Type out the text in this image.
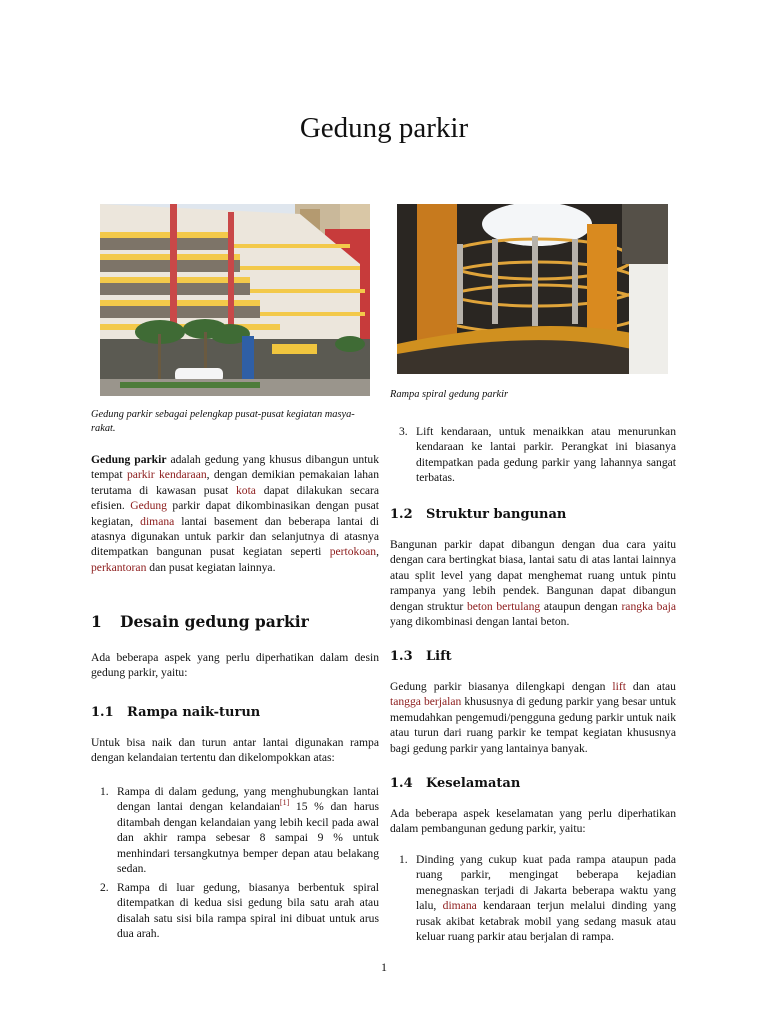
Gedung parkir
Gedung parkir sebagai pelengkap pusat-pusat kegiatan masya-rakat.
Rampa spiral gedung parkir

Gedung parkir adalah gedung yang khusus dibangun untuk tempat parkir kendaraan, dengan demikian pemakaian lahan terutama di kawasan pusat kota dapat dilakukan secara efisien. Gedung parkir dapat dikombinasikan dengan pusat kegiatan, dimana lantai basement dan beberapa lantai di atasnya digunakan untuk parkir dan selanjutnya di atasnya ditempatkan bangunan pusat kegiatan seperti pertokoan, perkantoran dan pusat kegiatan lainnya.

1 Desain gedung parkir

Ada beberapa aspek yang perlu diperhatikan dalam desin gedung parkir, yaitu:

1.1 Rampa naik-turun

Untuk bisa naik dan turun antar lantai digunakan rampa dengan kelandaian tertentu dan dikelompokkan atas:

1. Rampa di dalam gedung, yang menghubungkan lantai dengan lantai dengan kelandaian[1] 15 % dan harus ditambah dengan kelandaian yang lebih kecil pada awal dan akhir rampa sebesar 8 sampai 9 % untuk menhindari tersangkutnya bemper depan atau belakang sedan.
2. Rampa di luar gedung, biasanya berbentuk spiral ditempatkan di kedua sisi gedung bila satu arah atau disalah satu sisi bila rampa spiral ini dibuat untuk arus dua arah.
3. Lift kendaraan, untuk menaikkan atau menurunkan kendaraan ke lantai parkir. Perangkat ini biasanya ditempatkan pada gedung parkir yang lahannya sangat terbatas.
1.2 Struktur bangunan

Bangunan parkir dapat dibangun dengan dua cara yaitu dengan cara bertingkat biasa, lantai satu di atas lantai lainnya atau split level yang dapat menghemat ruang untuk pintu rampanya yang lebih pendek. Bangunan dapat dibangun dengan struktur beton bertulang ataupun dengan rangka baja yang dikombinasi dengan lantai beton.

1.3 Lift

Gedung parkir biasanya dilengkapi dengan lift dan atau tangga berjalan khususnya di gedung parkir yang besar untuk memudahkan pengemudi/pengguna gedung parkir untuk naik atau turun dari ruang parkir ke tempat kegiatan khususnya bagi gedung parkir yang lantainya banyak.

1.4 Keselamatan

Ada beberapa aspek keselamatan yang perlu diperhatikan dalam pembangunan gedung parkir, yaitu:

1. Dinding yang cukup kuat pada rampa ataupun pada ruang parkir, mengingat beberapa kejadian menegnaskan terjadi di Jakarta beberapa waktu yang lalu, dimana kendaraan terjun melalui dinding yang rusak akibat ketabrak mobil yang sedang masuk atau keluar ruang parkir atau berjalan di rampa.
1
